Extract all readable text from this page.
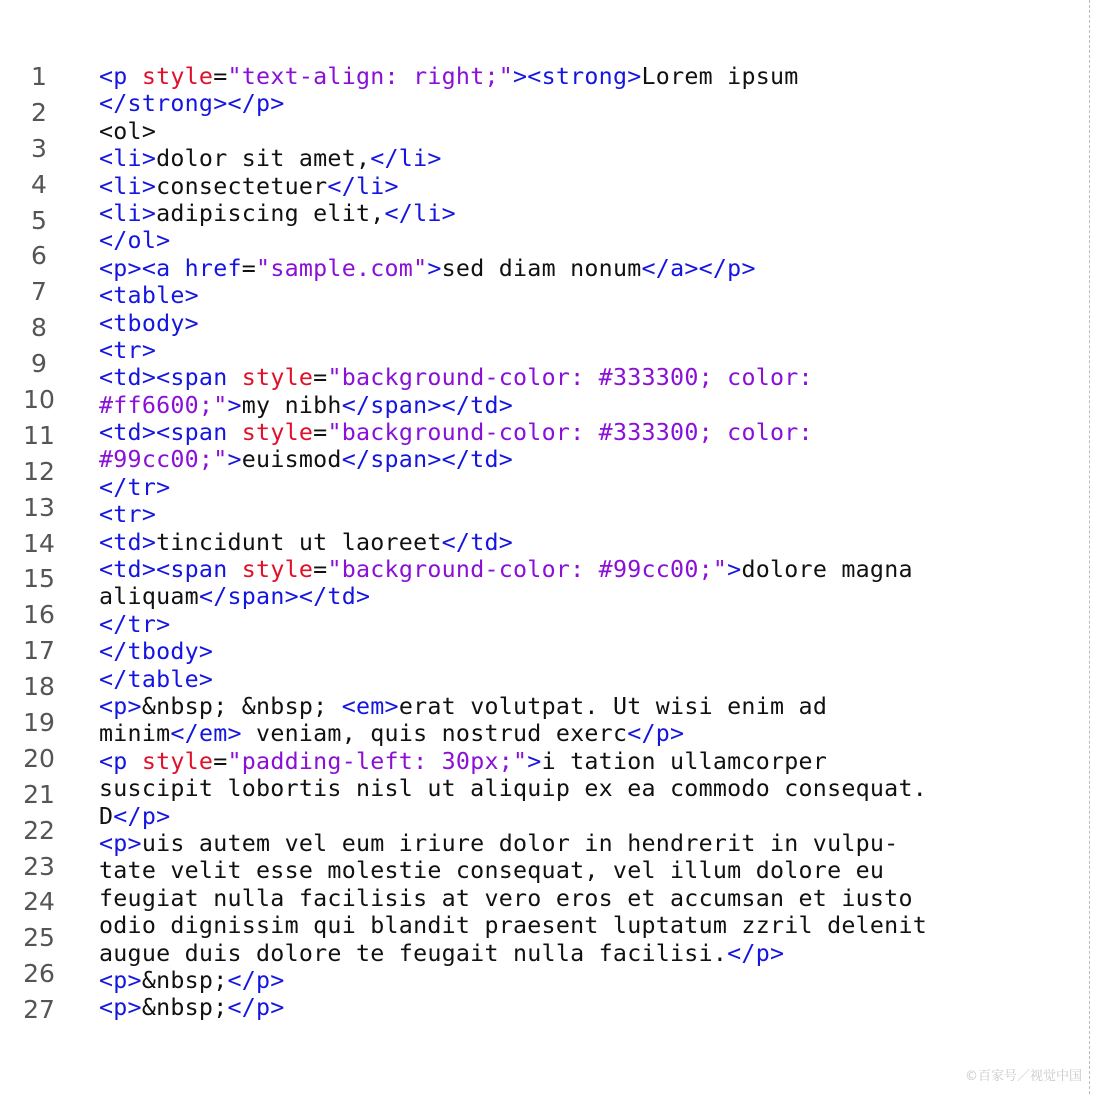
1
2
3
4
5
6
7
8
9
10
11
12
13
14
15
16
17
18
19
20
21
22
23
24
25
26
27
<p style="text-align: right;"><strong>Lorem ipsum
</strong></p>
<ol>
<li>dolor sit amet,</li>
<li>consectetuer</li>
<li>adipiscing elit,</li>
</ol>
<p><a href="sample.com">sed diam nonum</a></p>
<table>
<tbody>
<tr>
<td><span style="background-color: #333300; color:
#ff6600;">my nibh</span></td>
<td><span style="background-color: #333300; color:
#99cc00;">euismod</span></td>
</tr>
<tr>
<td>tincidunt ut laoreet</td>
<td><span style="background-color: #99cc00;">dolore magna
aliquam</span></td>
</tr>
</tbody>
</table>
<p>&nbsp; &nbsp; <em>erat volutpat. Ut wisi enim ad
minim</em> veniam, quis nostrud exerc</p>
<p style="padding-left: 30px;">i tation ullamcorper
suscipit lobortis nisl ut aliquip ex ea commodo consequat.
D</p>
<p>uis autem vel eum iriure dolor in hendrerit in vulpu-
tate velit esse molestie consequat, vel illum dolore eu
feugiat nulla facilisis at vero eros et accumsan et iusto
odio dignissim qui blandit praesent luptatum zzril delenit
augue duis dolore te feugait nulla facilisi.</p>
<p>&nbsp;</p>
<p>&nbsp;</p>
©百家号／视觉中国
